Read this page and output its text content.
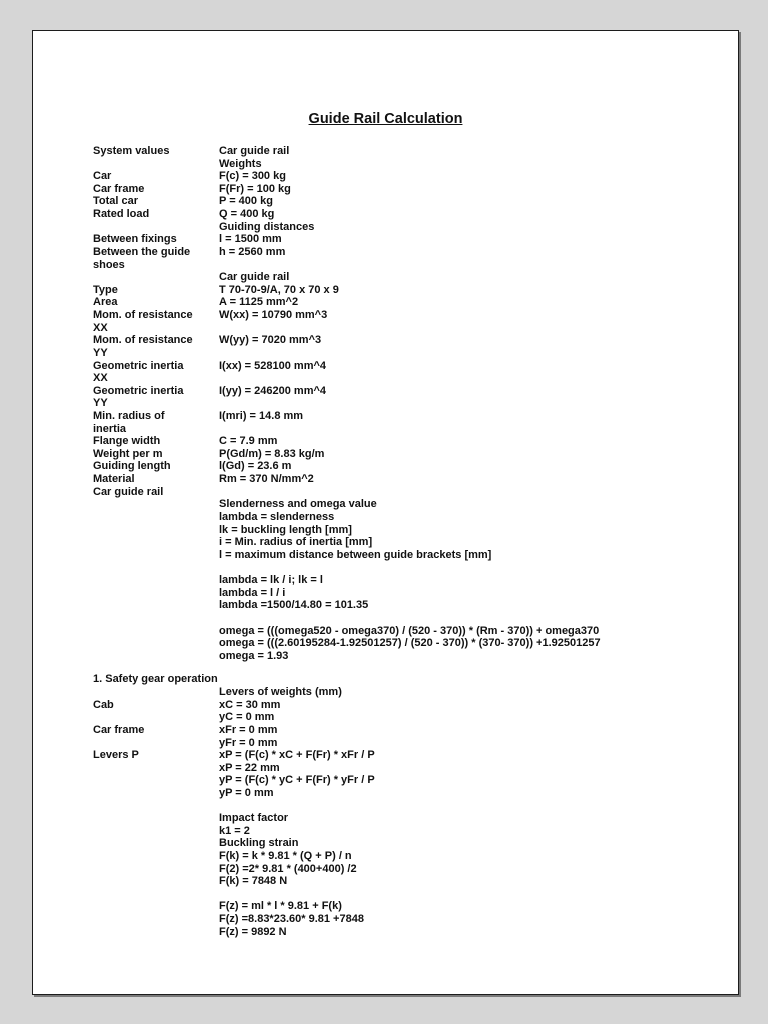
Guide Rail Calculation
System values
Car
Car frame
Total car
Rated load
Between fixings
Between the guide
shoes
Type
Area
Mom. of resistance
XX
Mom. of resistance
YY
Geometric inertia
XX
Geometric inertia
YY
Min. radius of
inertia
Flange width
Weight per m
Guiding length
Material
Car guide rail
1. Safety gear operation
Cab
Car frame
Levers P
Car guide rail
Weights
F(c) = 300 kg
F(Fr) = 100 kg
P = 400 kg
Q = 400 kg
Guiding distances
l = 1500 mm
h = 2560 mm
Car guide rail
T 70-70-9/A, 70 x 70 x 9
A = 1125 mm^2
W(xx) = 10790 mm^3
W(yy) = 7020 mm^3
I(xx) = 528100 mm^4
I(yy) = 246200 mm^4
I(mri) = 14.8 mm
C = 7.9 mm
P(Gd/m) = 8.83 kg/m
l(Gd) = 23.6 m
Rm = 370 N/mm^2
Slenderness and omega value
lambda = slenderness
lk = buckling length [mm]
i = Min. radius of inertia [mm]
l = maximum distance between guide brackets [mm]
lambda = lk / i; lk = l
lambda = l / i
lambda =1500/14.80 = 101.35
omega = (((omega520 - omega370) / (520 - 370)) * (Rm - 370)) + omega370
omega = (((2.60195284-1.92501257) / (520 - 370)) * (370- 370)) +1.92501257
omega = 1.93
Levers of weights (mm)
xC = 30 mm
yC = 0 mm
xFr = 0 mm
yFr = 0 mm
xP = (F(c) * xC + F(Fr) * xFr / P
xP = 22 mm
yP = (F(c) * yC + F(Fr) * yFr / P
yP = 0 mm
Impact factor
k1 = 2
Buckling strain
F(k) = k * 9.81 * (Q + P) / n
F(2) =2* 9.81 * (400+400) /2
F(k) = 7848 N
F(z) = ml * l * 9.81 + F(k)
F(z) =8.83*23.60* 9.81 +7848
F(z) = 9892 N
